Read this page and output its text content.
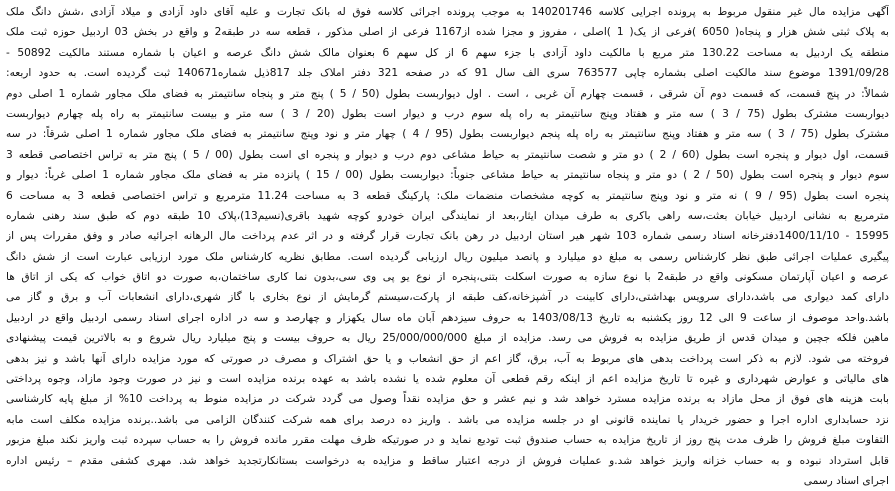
آگهی مزایده مال غیر منقول مربوط به پرونده اجرایی کلاسه 140201746 به موجب پرونده اجرائی کلاسه فوق له بانک تجارت و علیه آقای داود آزادی و میلاد آزادی ،شش دانگ ملک
به پلاک ثبتی شش هزار و پنجاه( 6050 )فرعی از یک( 1 )اصلی ، مفروز و مجزا شده از1167 فرعی از اصلی مذکور ، قطعه سه در طبقه2 و واقع در بخش 03 اردبیل حوزه ثبت ملک
منطقه یک اردبیل به مساحت 130.22 متر مربع با مالکیت داود آزادی با جزء سهم 6 از کل سهم 6 بعنوان مالک شش دانگ عرصه و اعیان با شماره مستند مالکیت 50892 -
1391/09/28 موضوع سند مالکیت اصلی بشماره چاپی 763577 سری الف سال 91 که در صفحه 321 دفتر املاک جلد 817ذیل شماره140671 ثبت گردیده است. به حدود اربعه:
شمالاً: در پنج قسمت، که قسمت دوم آن شرقی ، قسمت چهارم آن غربی ، است . اول دیواربست بطول (50 / 5 ) پنج متر و پنجاه سانتیمتر به فضای ملک مجاور شماره 1 اصلی دوم
دیواربست مشترک بطول (75 / 3 ) سه متر و هفتاد وپنج سانتیمتر به راه پله سوم درب و دیوار است بطول (20 / 3 ) سه متر و بیست سانتیمتر به راه پله چهارم دیواربست
مشترک بطول (75 / 3 ) سه متر و هفتاد وپنج سانتیمتر به راه پله پنجم دیواربست بطول (95 / 4 ) چهار متر و نود وپنج سانتیمتر به فضای ملک مجاور شماره 1 اصلی شرقاً: در سه
قسمت، اول دیوار و پنجره است بطول (60 / 2 ) دو متر و شصت سانتیمتر به حیاط مشاعی دوم درب و دیوار و پنجره ای است بطول (00 / 5 ) پنج متر به تراس اختصاصی قطعه 3
سوم دیوار و پنجره است بطول (50 / 2 ) دو متر و پنجاه سانتیمتر به حیاط مشاعی جنوباً: دیواربست بطول (00 / 15 ) پانزده متر به فضای ملک مجاور شماره 1 اصلی غرباً: دیوار و
پنجره است بطول (95 / 9 ) نه متر و نود وپنج سانتیمتر به کوچه مشخصات منضمات ملک: پارکینگ قطعه 3 به مساحت 11.24 مترمربع و تراس اختصاصی قطعه 3 به مساحت 6
مترمربع به نشانی اردبیل خیابان بعثت،سه راهی باکری به طرف میدان ایثار،بعد از نمایندگی ایران خودرو کوچه شهید باقری(نسیم13)،پلاک 10 طبقه دوم که طبق سند رهنی شماره
15995 - 1400/11/10دفترخانه اسناد رسمی شماره 103 شهر هیر استان اردبیل در رهن بانک تجارت قرار گرفته و در اثر عدم پرداخت مال الرهانه اجرائیه صادر و وفق مقررات پس از
پیگیری عملیات اجرائی طبق نظر کارشناس رسمی به مبلغ دو میلیارد و پانصد میلیون ریال ارزیابی گردیده است. مطابق نظریه کارشناس ملک مورد ارزیابی عبارت است از شش دانگ
عرصه و اعیان آپارتمان مسکونی واقع در طبقه2 با نوع سازه به صورت اسکلت بتنی،پنجره از نوع یو پی وی سی،بدون نما کاری ساختمان،به صورت دو اتاق خواب که یکی از اتاق ها
دارای کمد دیواری می باشد،دارای سرویس بهداشتی،دارای کابینت در آشپزخانه،کف طبقه از پارکت،سیستم گرمایش از نوع بخاری با گاز شهری،دارای انشعابات آب و برق و گاز می
باشد.واحد موصوف از ساعت 9 الی 12 روز یکشنبه به تاریخ 1403/08/13 به حروف سیزدهم آبان ماه سال یکهزار و چهارصد و سه در اداره اجرای اسناد رسمی اردبیل واقع در اردبیل
ماهین فلکه جچین و میدان قدس از طریق مزایده به فروش می رسد. مزایده از مبلغ 25/000/000/000 ریال به حروف بیست و پنج میلیارد ریال شروع و به بالاترین قیمت پیشنهادی
فروخته می شود. لازم به ذکر است پرداخت بدهی های مربوط به آب، برق، گاز اعم از حق انشعاب و یا حق اشتراک و مصرف در صورتی که مورد مزایده دارای آنها باشد و نیز بدهی
های مالیاتی و عوارض شهرداری و غیره تا تاریخ مزایده اعم از اینکه رقم قطعی آن معلوم شده یا نشده باشد به عهده برنده مزایده است و نیز در صورت وجود مازاد، وجوه پرداختی
بابت هزینه های فوق از محل مازاد به برنده مزایده مسترد خواهد شد و نیم عشر و حق مزایده نقداً وصول می گردد شرکت در مزایده منوط به پرداخت 10% از مبلغ پایه کارشناسی
نزد حسابداری اداره اجرا و حضور خریدار یا نماینده قانونی او در جلسه مزایده می باشد . واریز ده درصد برای همه شرکت کنندگان الزامی می باشد..برنده مزایده مکلف است مابه
التفاوت مبلغ فروش را ظرف مدت پنج روز از تاریخ مزایده به حساب صندوق ثبت تودیع نماید و در صورتیکه ظرف مهلت مقرر مانده فروش را به حساب سپرده ثبت واریز نکند مبلغ مزبور
قابل استرداد نبوده و به حساب خزانه واریز خواهد شد.و عملیات فروش از درجه اعتبار ساقط و مزایده به درخواست بستانکارتجدید خواهد شد. مهری کشفی مقدم – رئیس اداره
اجرای اسناد رسمی
